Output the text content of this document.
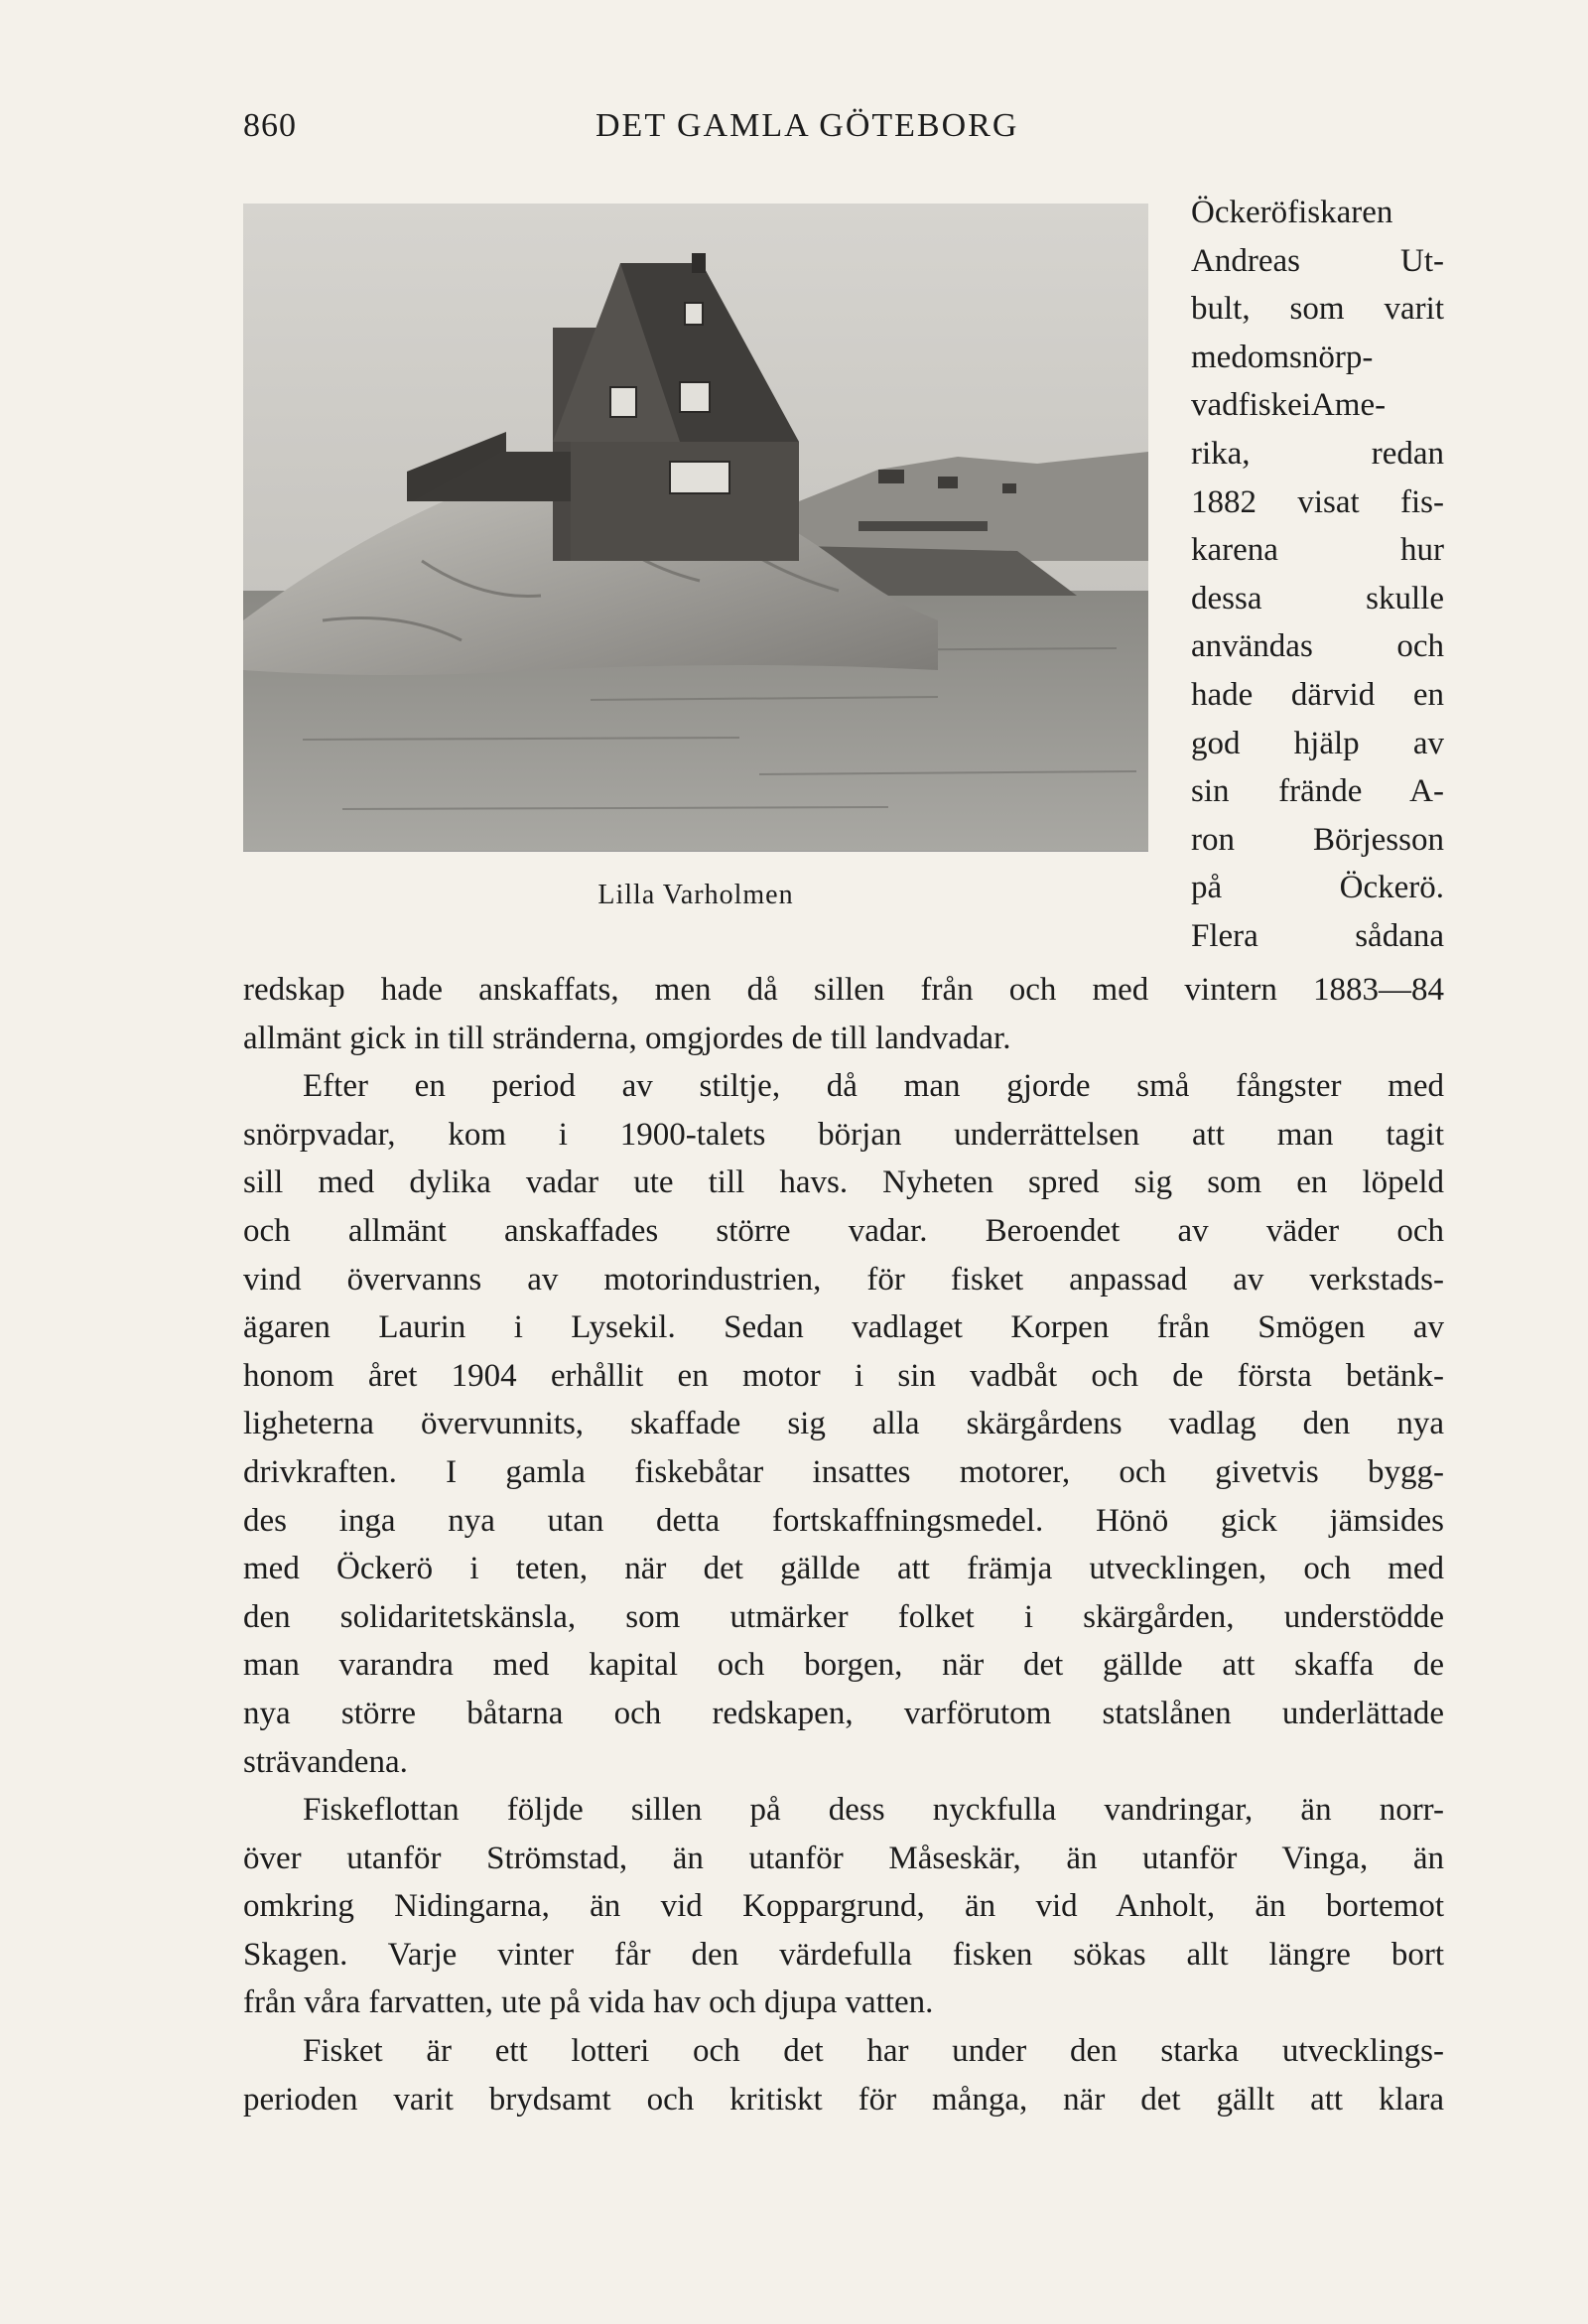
860	DET GAMLA GÖTEBORG
Lilla Varholmen
Öckeröfiskaren
Andreas Ut-
bult, som varit
medomsnörp-
vadfiskeiAme-
rika, redan
1882 visat fis-
karena hur
dessa skulle
användas och
hade därvid en
god hjälp av
sin frände A-
ron Börjesson
på Öckerö.
Flera sådana
redskap hade anskaffats, men då sillen från och med vintern 1883—84
allmänt gick in till stränderna, omgjordes de till landvadar.
Efter en period av stiltje, då man gjorde små fångster med
snörpvadar, kom i 1900-talets början underrättelsen att man tagit
sill med dylika vadar ute till havs. Nyheten spred sig som en löpeld
och allmänt anskaffades större vadar. Beroendet av väder och
vind övervanns av motorindustrien, för fisket anpassad av verkstads-
ägaren Laurin i Lysekil. Sedan vadlaget Korpen från Smögen av
honom året 1904 erhållit en motor i sin vadbåt och de första betänk-
ligheterna övervunnits, skaffade sig alla skärgårdens vadlag den nya
drivkraften. I gamla fiskebåtar insattes motorer, och givetvis bygg-
des inga nya utan detta fortskaffningsmedel. Hönö gick jämsides
med Öckerö i teten, när det gällde att främja utvecklingen, och med
den solidaritetskänsla, som utmärker folket i skärgården, understödde
man varandra med kapital och borgen, när det gällde att skaffa de
nya större båtarna och redskapen, varförutom statslånen underlättade
strävandena.
Fiskeflottan följde sillen på dess nyckfulla vandringar, än norr-
över utanför Strömstad, än utanför Måseskär, än utanför Vinga, än
omkring Nidingarna, än vid Koppargrund, än vid Anholt, än bortemot
Skagen. Varje vinter får den värdefulla fisken sökas allt längre bort
från våra farvatten, ute på vida hav och djupa vatten.
Fisket är ett lotteri och det har under den starka utvecklings-
perioden varit brydsamt och kritiskt för många, när det gällt att klara
